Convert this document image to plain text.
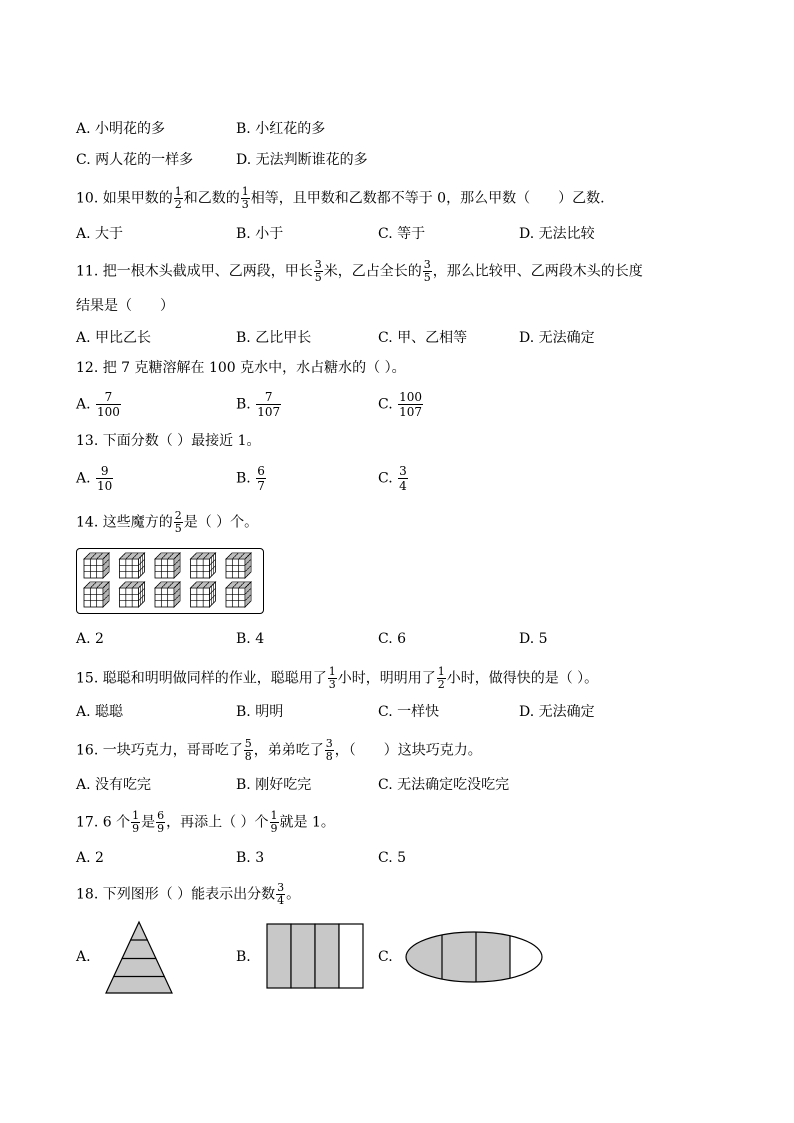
A. 小明花的多	B. 小红花的多
C. 两人花的一样多	D. 无法判断谁花的多
10. 如果甲数的 $\frac{1}{2}$ 和乙数的 $\frac{1}{3}$ 相等，且甲数和乙数都不等于 0，那么甲数（　　）乙数.
A. 大于	B. 小于	C. 等于	D. 无法比较
11. 把一根木头截成甲、乙两段，甲长 $\frac{3}{5}$ 米，乙占全长的 $\frac{3}{5}$ ，那么比较甲、乙两段木头的长度
结果是（　　）
A. 甲比乙长	B. 乙比甲长	C. 甲、乙相等	D. 无法确定
12. 把 7 克糖溶解在 100 克水中，水占糖水的（ ）。
A. $\frac{7}{100}$	B. $\frac{7}{107}$	C. $\frac{100}{107}$
13. 下面分数（ ）最接近 1。
A. $\frac{9}{10}$	B. $\frac{6}{7}$	C. $\frac{3}{4}$
14. 这些魔方的 $\frac{2}{5}$ 是（ ）个。
A. 2	B. 4	C. 6	D. 5
15. 聪聪和明明做同样的作业，聪聪用了 $\frac{1}{3}$ 小时，明明用了 $\frac{1}{2}$ 小时，做得快的是（ ）。
A. 聪聪	B. 明明	C. 一样快	D. 无法确定
16. 一块巧克力，哥哥吃了 $\frac{5}{8}$ ，弟弟吃了 $\frac{3}{8}$ ，（　　）这块巧克力。
A. 没有吃完	B. 刚好吃完	C. 无法确定吃没吃完
17. 6 个 $\frac{1}{9}$ 是 $\frac{6}{9}$ ，再添上（ ）个 $\frac{1}{9}$ 就是 1。
A. 2	B. 3	C. 5
18. 下列图形（ ）能表示出分数 $\frac{3}{4}$ 。
A.	B.	C.
